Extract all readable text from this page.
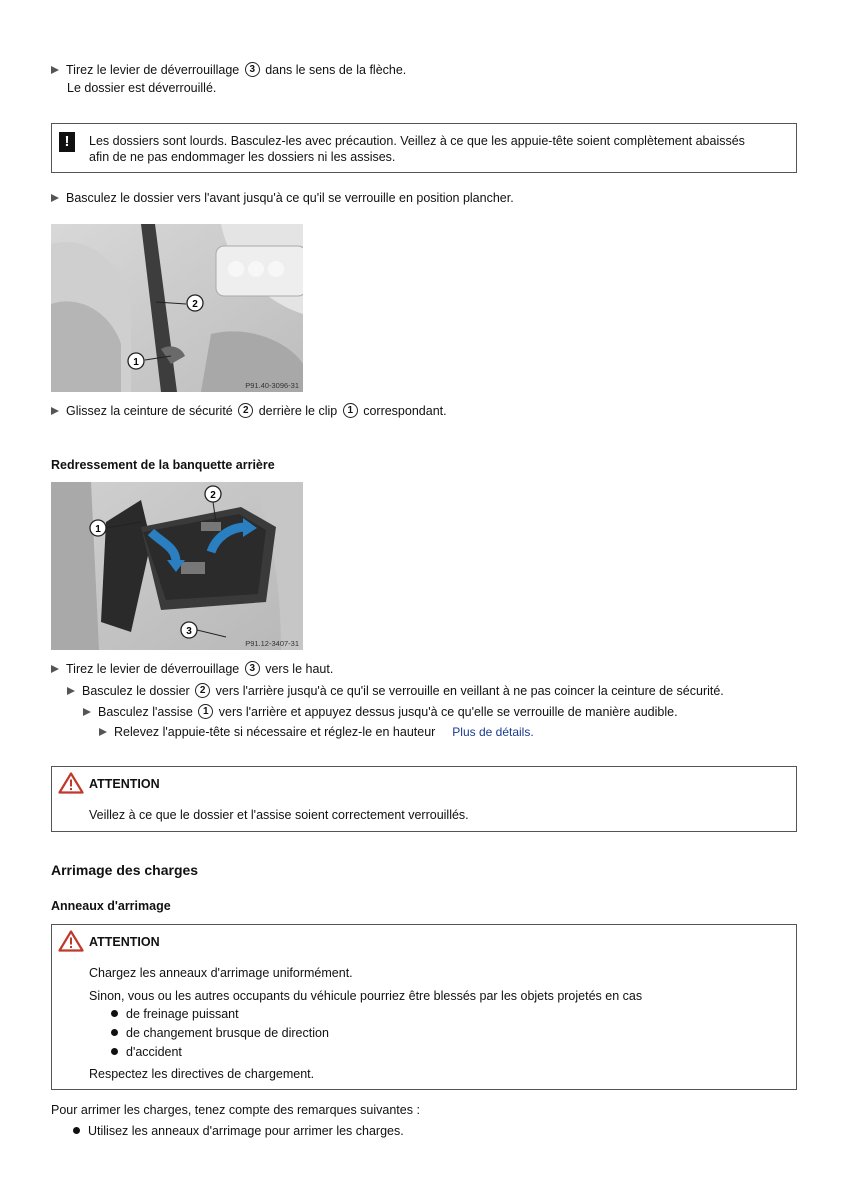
Tirez le levier de déverrouillage 3 dans le sens de la flèche.
Le dossier est déverrouillé.
!	Les dossiers sont lourds. Basculez-les avec précaution. Veillez à ce que les appuie-tête soient complètement abaissés
afin de ne pas endommager les dossiers ni les assises.
Basculez le dossier vers l'avant jusqu'à ce qu'il se verrouille en position plancher.
2
1
P91.40-3096-31
Glissez la ceinture de sécurité 2 derrière le clip 1 correspondant.
Redressement de la banquette arrière
1
2
3
P91.12-3407-31
Tirez le levier de déverrouillage 3 vers le haut.
Basculez le dossier 2 vers l'arrière jusqu'à ce qu'il se verrouille en veillant à ne pas coincer la ceinture de sécurité.
Basculez l'assise 1 vers l'arrière et appuyez dessus jusqu'à ce qu'elle se verrouille de manière audible.
Relevez l'appuie-tête si nécessaire et réglez-le en hauteur Plus de détails.
ATTENTION
Veillez à ce que le dossier et l'assise soient correctement verrouillés.
Arrimage des charges
Anneaux d'arrimage
ATTENTION
Chargez les anneaux d'arrimage uniformément.
Sinon, vous ou les autres occupants du véhicule pourriez être blessés par les objets projetés en cas
de freinage puissant
de changement brusque de direction
d'accident
Respectez les directives de chargement.
Pour arrimer les charges, tenez compte des remarques suivantes :
Utilisez les anneaux d'arrimage pour arrimer les charges.
